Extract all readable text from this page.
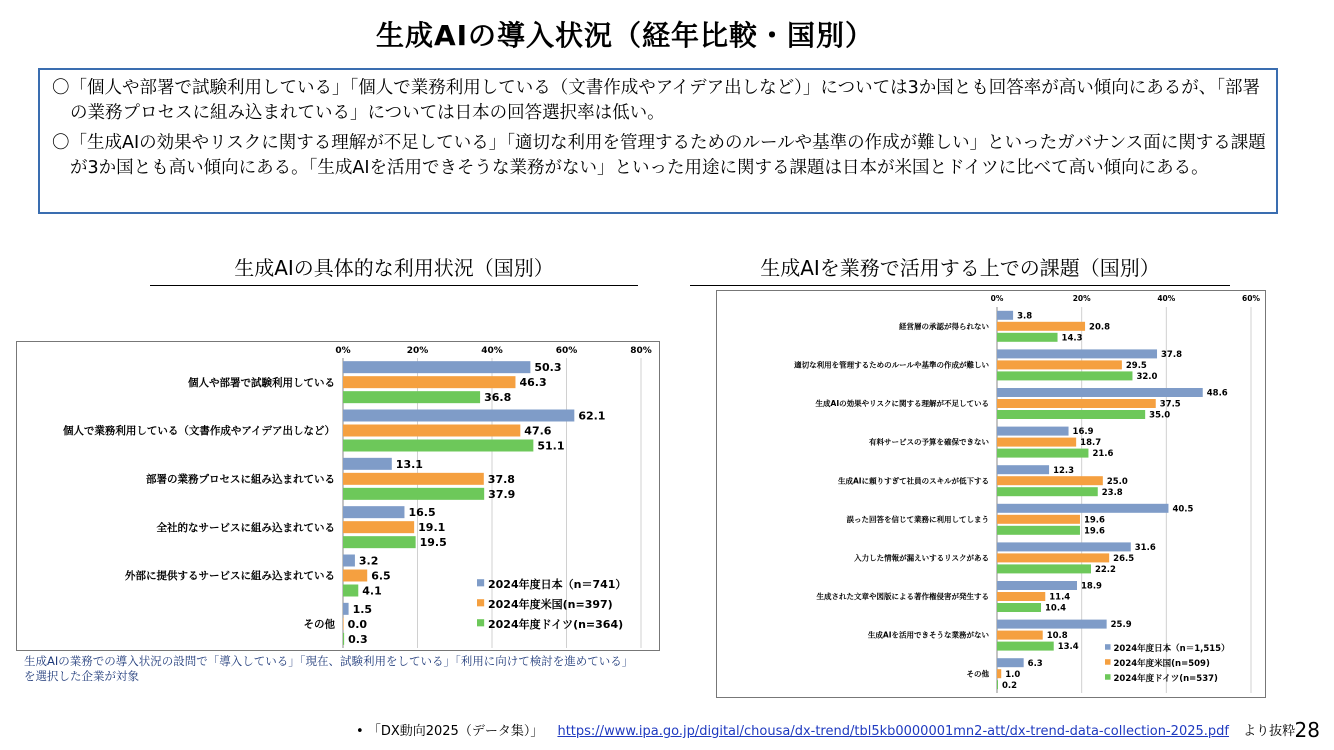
生成AIの導入状況（経年比較・国別）

〇「個人や部署で試験利用している」「個人で業務利用している（文書作成やアイデア出しなど）」については3か国とも回答率が高い傾向にあるが、「部署の業務プロセスに組み込まれている」については日本の回答選択率は低い。

〇「生成AIの効果やリスクに関する理解が不足している」「適切な利用を管理するためのルールや基準の作成が難しい」といったガバナンス面に関する課題が3か国とも高い傾向にある。「生成AIを活用できそうな業務がない」といった用途に関する課題は日本が米国とドイツに比べて高い傾向にある。

生成AIの具体的な利用状況（国別）	生成AIを業務で活用する上での課題（国別）
0%	20%	40%	60%	80%
個人や部署で試験利用している
50.3
46.3
36.8
個人で業務利用している（文書作成やアイデア出しなど）
62.1
47.6
51.1
部署の業務プロセスに組み込まれている
13.1
37.8
37.9
全社的なサービスに組み込まれている
16.5
19.1
19.5
外部に提供するサービスに組み込まれている
3.2
6.5
4.1
その他
1.5
0.0
0.3
2024年度日本（n＝741）
2024年度米国(n=397)
2024年度ドイツ(n=364)
0%	20%	40%	60%
経営層の承認が得られない
3.8
20.8
14.3
適切な利用を管理するためのルールや基準の作成が難しい
37.8
29.5
32.0
生成AIの効果やリスクに関する理解が不足している
48.6
37.5
35.0
有料サービスの予算を確保できない
16.9
18.7
21.6
生成AIに頼りすぎて社員のスキルが低下する
12.3
25.0
23.8
誤った回答を信じて業務に利用してしまう
40.5
19.6
19.6
入力した情報が漏えいするリスクがある
31.6
26.5
22.2
生成された文章や図版による著作権侵害が発生する
18.9
11.4
10.4
生成AIを活用できそうな業務がない
25.9
10.8
13.4
その他
6.3
1.0
0.2
2024年度日本（n＝1,515）
2024年度米国(n=509)
2024年度ドイツ(n=537)
生成AIの業務での導入状況の設問で「導入している」「現在、試験利用をしている」「利用に向けて検討を進めている」を選択した企業が対象
• 「DX動向2025（データ集）」 https://www.ipa.go.jp/digital/chousa/dx-trend/tbl5kb0000001mn2-att/dx-trend-data-collection-2025.pdf より抜粋 28
